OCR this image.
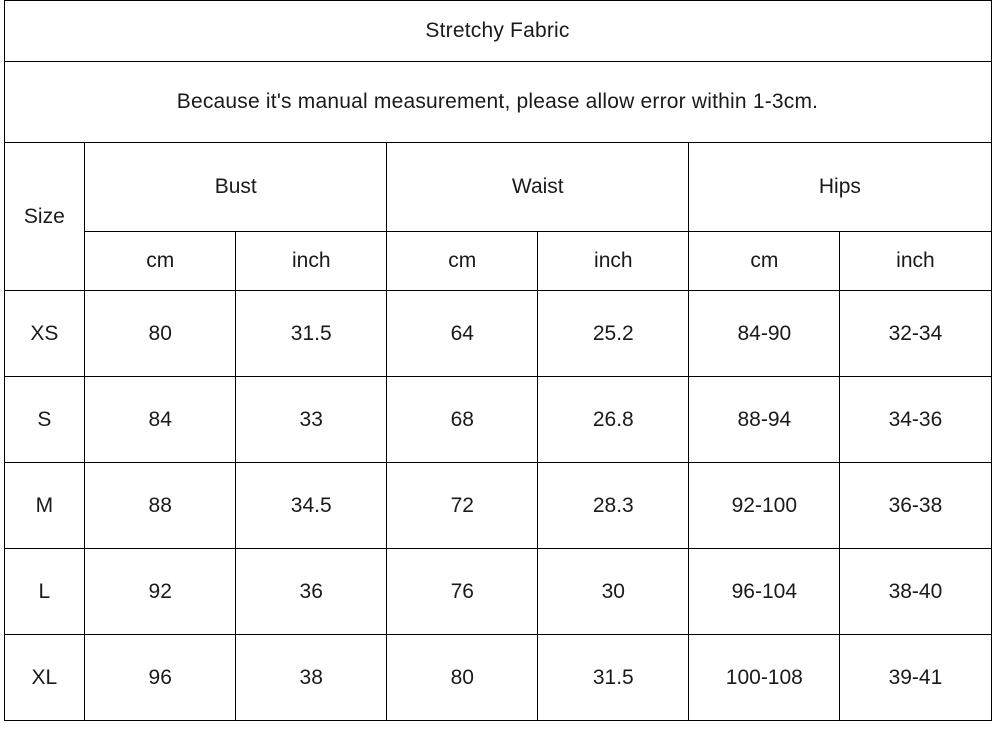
Stretchy Fabric						
Because it's manual measurement, please allow error within 1-3cm.						
Size	Bust		Waist		Hips	
	cm	inch	cm	inch	cm	inch
XS	80	31.5	64	25.2	84-90	32-34
S	84	33	68	26.8	88-94	34-36
M	88	34.5	72	28.3	92-100	36-38
L	92	36	76	30	96-104	38-40
XL	96	38	80	31.5	100-108	39-41
